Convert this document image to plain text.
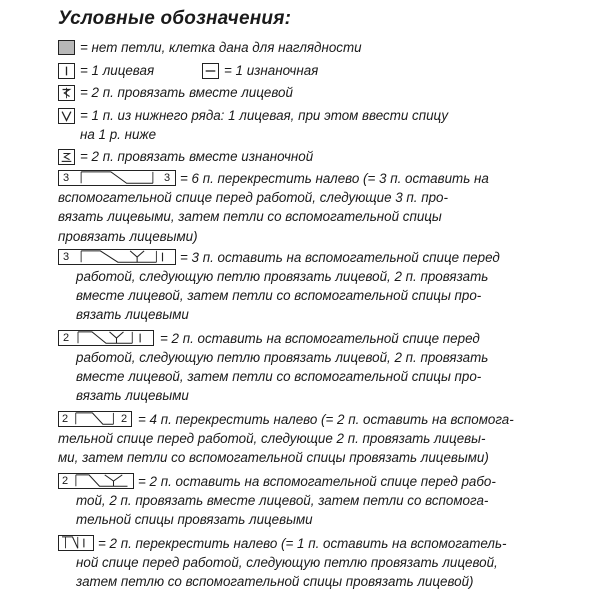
Условные обозначения:
= нет петли, клетка дана для наглядности
= 1 лицевая	= 1 изнаночная
= 2 п. провязать вместе лицевой
= 1 п. из нижнего ряда: 1 лицевая, при этом ввести спицу
на 1 р. ниже
= 2 п. провязать вместе изнаночной
3	3 = 6 п. перекрестить налево (= 3 п. оставить на
вспомогательной спице перед работой, следующие 3 п. про-
вязать лицевыми, затем петли со вспомогательной спицы
провязать лицевыми)
3	= 3 п. оставить на вспомогательной спице перед
работой, следующую петлю провязать лицевой, 2 п. провязать
вместе лицевой, затем петли со вспомогательной спицы про-
вязать лицевыми
2	= 2 п. оставить на вспомогательной спице перед
работой, следующую петлю провязать лицевой, 2 п. провязать
вместе лицевой, затем петли со вспомогательной спицы про-
вязать лицевыми
2	2 = 4 п. перекрестить налево (= 2 п. оставить на вспомога-
тельной спице перед работой, следующие 2 п. провязать лицевы-
ми, затем петли со вспомогательной спицы провязать лицевыми)
2	= 2 п. оставить на вспомогательной спице перед рабо-
той, 2 п. провязать вместе лицевой, затем петли со вспомога-
тельной спицы провязать лицевыми
= 2 п. перекрестить налево (= 1 п. оставить на вспомогатель-
ной спице перед работой, следующую петлю провязать лицевой,
затем петлю со вспомогательной спицы провязать лицевой)
